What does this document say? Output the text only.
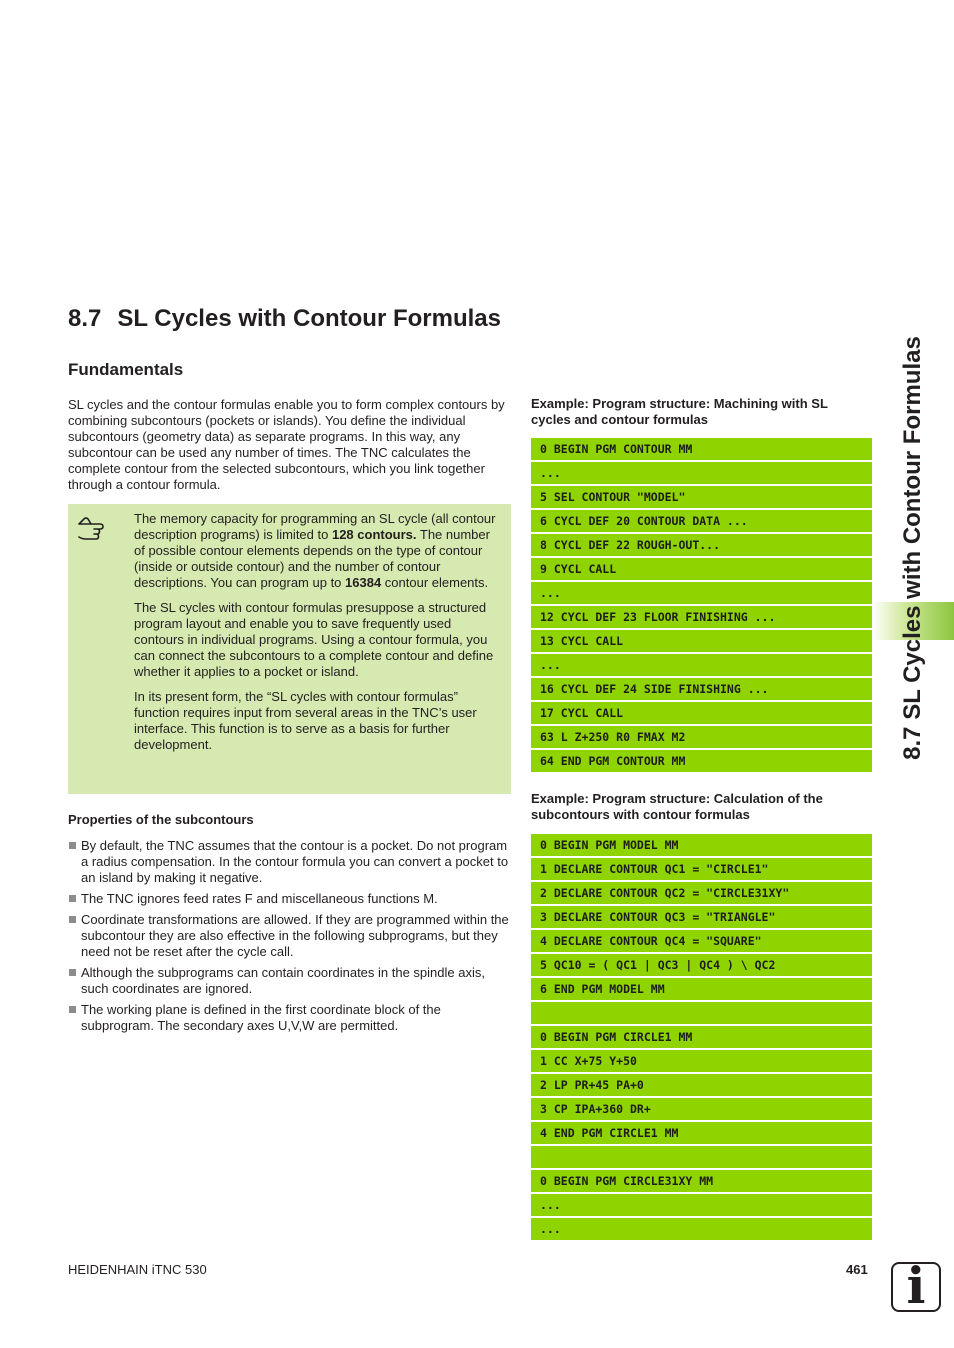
8.7 SL Cycles with Contour Formulas
Fundamentals

SL cycles and the contour formulas enable you to form complex contours by combining subcontours (pockets or islands). You define the individual subcontours (geometry data) as separate programs. In this way, any subcontour can be used any number of times. The TNC calculates the complete contour from the selected subcontours, which you link together through a contour formula.

The memory capacity for programming an SL cycle (all contour description programs) is limited to 128 contours. The number of possible contour elements depends on the type of contour (inside or outside contour) and the number of contour descriptions. You can program up to 16384 contour elements.

The SL cycles with contour formulas presuppose a structured program layout and enable you to save frequently used contours in individual programs. Using a contour formula, you can connect the subcontours to a complete contour and define whether it applies to a pocket or island.

In its present form, the “SL cycles with contour formulas” function requires input from several areas in the TNC’s user interface. This function is to serve as a basis for further development.

Properties of the subcontours
By default, the TNC assumes that the contour is a pocket. Do not program a radius compensation. In the contour formula you can convert a pocket to an island by making it negative.
The TNC ignores feed rates F and miscellaneous functions M.
Coordinate transformations are allowed. If they are programmed within the subcontour they are also effective in the following subprograms, but they need not be reset after the cycle call.
Although the subprograms can contain coordinates in the spindle axis, such coordinates are ignored.
The working plane is defined in the first coordinate block of the subprogram. The secondary axes U,V,W are permitted.

Example: Program structure: Machining with SL cycles and contour formulas

0 BEGIN PGM CONTOUR MM
...
5 SEL CONTOUR "MODEL"
6 CYCL DEF 20 CONTOUR DATA ...
8 CYCL DEF 22 ROUGH-OUT...
9 CYCL CALL
...
12 CYCL DEF 23 FLOOR FINISHING ...
13 CYCL CALL
...
16 CYCL DEF 24 SIDE FINISHING ...
17 CYCL CALL
63 L Z+250 R0 FMAX M2
64 END PGM CONTOUR MM

Example: Program structure: Calculation of the subcontours with contour formulas

0 BEGIN PGM MODEL MM
1 DECLARE CONTOUR QC1 = "CIRCLE1"
2 DECLARE CONTOUR QC2 = "CIRCLE31XY"
3 DECLARE CONTOUR QC3 = "TRIANGLE"
4 DECLARE CONTOUR QC4 = "SQUARE"
5 QC10 = ( QC1 | QC3 | QC4 ) \ QC2
6 END PGM MODEL MM
0 BEGIN PGM CIRCLE1 MM
1 CC X+75 Y+50
2 LP PR+45 PA+0
3 CP IPA+360 DR+
4 END PGM CIRCLE1 MM
0 BEGIN PGM CIRCLE31XY MM
...
...
8.7 SL Cycles with Contour Formulas
HEIDENHAIN iTNC 530	461 i
